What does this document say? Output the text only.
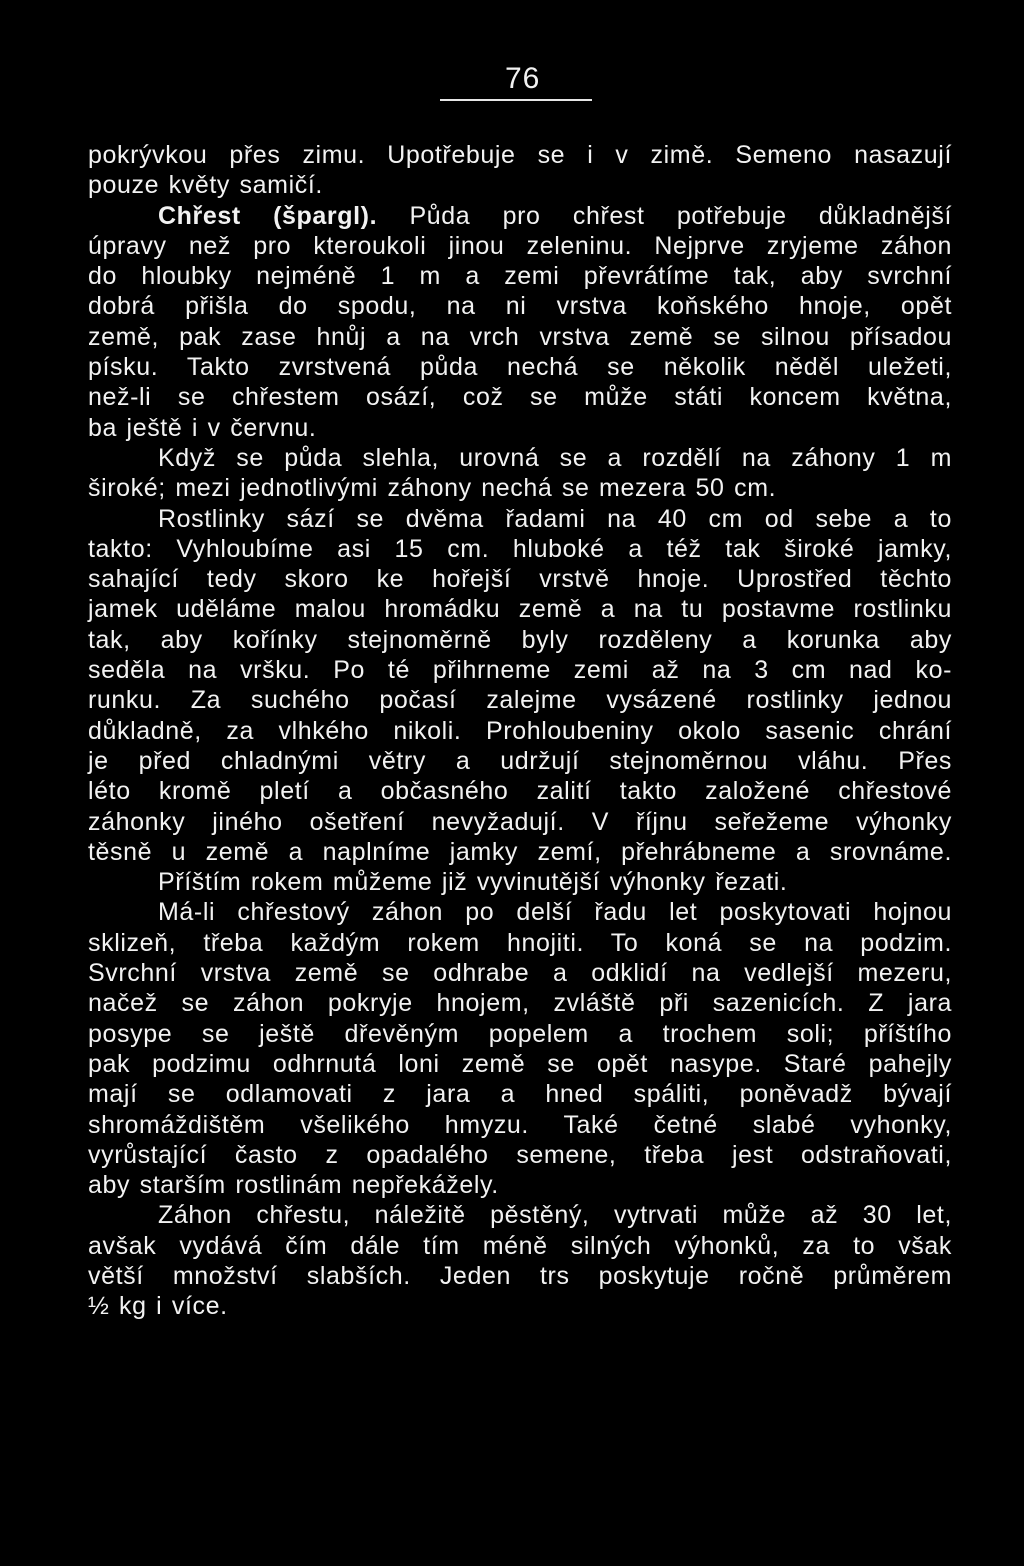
76
pokrývkou přes zimu. Upotřebuje se i v zimě. Semeno nasazují
pouze květy samičí.
Chřest (špargl). Půda pro chřest potřebuje důkladnější
úpravy než pro kteroukoli jinou zeleninu. Nejprve zryjeme záhon
do hloubky nejméně 1 m a zemi převrátíme tak, aby svrchní
dobrá přišla do spodu, na ni vrstva koňského hnoje, opět
země, pak zase hnůj a na vrch vrstva země se silnou přísadou
písku. Takto zvrstvená půda nechá se několik něděl uležeti,
než-li se chřestem osází, což se může státi koncem května,
ba ještě i v červnu.
Když se půda slehla, urovná se a rozdělí na záhony 1 m
široké; mezi jednotlivými záhony nechá se mezera 50 cm.
Rostlinky sází se dvěma řadami na 40 cm od sebe a to
takto: Vyhloubíme asi 15 cm. hluboké a též tak široké jamky,
sahající tedy skoro ke hořejší vrstvě hnoje. Uprostřed těchto
jamek uděláme malou hromádku země a na tu postavme rostlinku
tak, aby kořínky stejnoměrně byly rozděleny a korunka aby
seděla na vršku. Po té přihrneme zemi až na 3 cm nad ko-
runku. Za suchého počasí zalejme vysázené rostlinky jednou
důkladně, za vlhkého nikoli. Prohloubeniny okolo sasenic chrání
je před chladnými větry a udržují stejnoměrnou vláhu. Přes
léto kromě pletí a občasného zalití takto založené chřestové
záhonky jiného ošetření nevyžadují. V říjnu seřežeme výhonky
těsně u země a naplníme jamky zemí, přehrábneme a srovnáme.
Příštím rokem můžeme již vyvinutější výhonky řezati.
Má-li chřestový záhon po delší řadu let poskytovati hojnou
sklizeň, třeba každým rokem hnojiti. To koná se na podzim.
Svrchní vrstva země se odhrabe a odklidí na vedlejší mezeru,
načež se záhon pokryje hnojem, zvláště při sazenicích. Z jara
posype se ještě dřevěným popelem a trochem soli; příštího
pak podzimu odhrnutá loni země se opět nasype. Staré pahejly
mají se odlamovati z jara a hned spáliti, poněvadž bývají
shromáždištěm všelikého hmyzu. Také četné slabé vyhonky,
vyrůstající často z opadalého semene, třeba jest odstraňovati,
aby starším rostlinám nepřekážely.
Záhon chřestu, náležitě pěstěný, vytrvati může až 30 let,
avšak vydává čím dále tím méně silných výhonků, za to však
větší množství slabších. Jeden trs poskytuje ročně průměrem
½ kg i více.
